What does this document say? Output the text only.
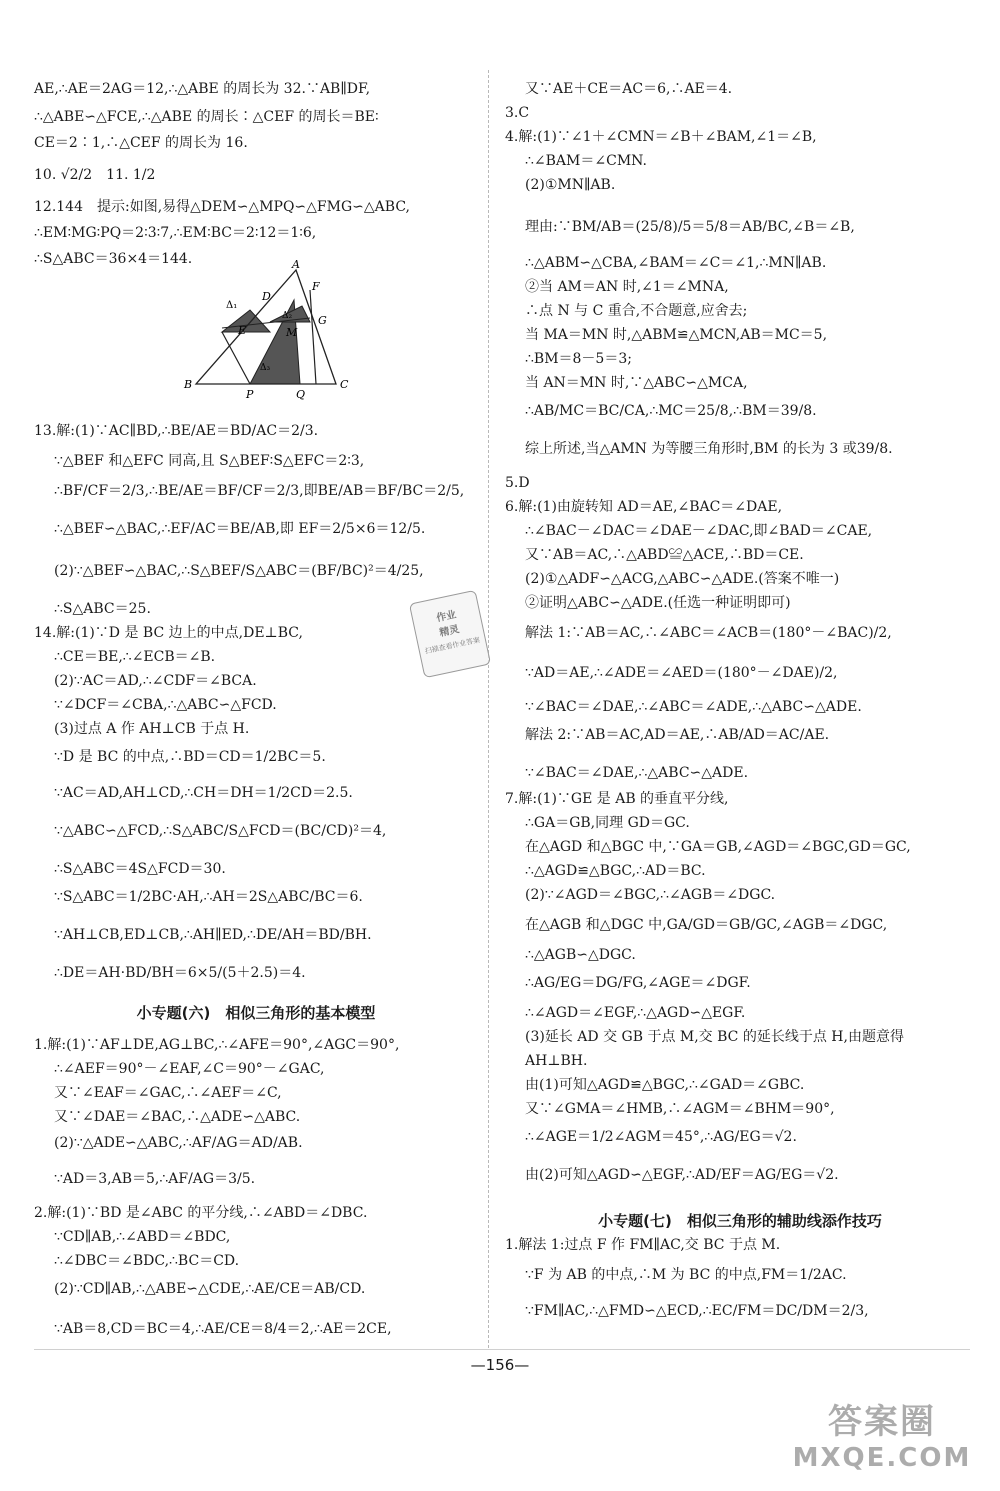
A
F
D
Δ₁
Δ₂
E	M
G
Δ₃
B
P	Q
C
小专题(六)　相似三角形的基本模型
AE,∴AE＝2AG＝12,∴△ABE 的周长为 32.∵AB∥DF,
∴△ABE∽△FCE,∴△ABE 的周长∶△CEF 的周长＝BE∶
CE＝2∶1,∴△CEF 的周长为 16.
10. √2/2　11. 1/2
12.144　提示:如图,易得△DEM∽△MPQ∽△FMG∽△ABC,
∴EM∶MG∶PQ＝2∶3∶7,∴EM∶BC＝2∶12＝1∶6,
∴S△ABC＝36×4＝144.
13.解:(1)∵AC∥BD,∴BE/AE＝BD/AC＝2/3.
∵△BEF 和△EFC 同高,且 S△BEF∶S△EFC＝2∶3,
∴BF/CF＝2/3,∴BE/AE＝BF/CF＝2/3,即BE/AB＝BF/BC＝2/5,
∴△BEF∽△BAC,∴EF/AC＝BE/AB,即 EF＝2/5×6＝12/5.
(2)∵△BEF∽△BAC,∴S△BEF/S△ABC＝(BF/BC)²＝4/25,
∴S△ABC＝25.
14.解:(1)∵D 是 BC 边上的中点,DE⊥BC,
∴CE＝BE,∴∠ECB＝∠B.
(2)∵AC＝AD,∴∠CDF＝∠BCA.
∵∠DCF＝∠CBA,∴△ABC∽△FCD.
(3)过点 A 作 AH⊥CB 于点 H.
∵D 是 BC 的中点,∴BD＝CD＝1/2BC＝5.
∵AC＝AD,AH⊥CD,∴CH＝DH＝1/2CD＝2.5.
∵△ABC∽△FCD,∴S△ABC/S△FCD＝(BC/CD)²＝4,
∴S△ABC＝4S△FCD＝30.
∵S△ABC＝1/2BC·AH,∴AH＝2S△ABC/BC＝6.
∵AH⊥CB,ED⊥CB,∴AH∥ED,∴DE/AH＝BD/BH.
∴DE＝AH·BD/BH＝6×5/(5＋2.5)＝4.
1.解:(1)∵AF⊥DE,AG⊥BC,∴∠AFE＝90°,∠AGC＝90°,
∴∠AEF＝90°－∠EAF,∠C＝90°－∠GAC,
又∵∠EAF＝∠GAC,∴∠AEF＝∠C,
又∵∠DAE＝∠BAC,∴△ADE∽△ABC.
(2)∵△ADE∽△ABC,∴AF/AG＝AD/AB.
∵AD＝3,AB＝5,∴AF/AG＝3/5.
2.解:(1)∵BD 是∠ABC 的平分线,∴∠ABD＝∠DBC.
∵CD∥AB,∴∠ABD＝∠BDC,
∴∠DBC＝∠BDC,∴BC＝CD.
(2)∵CD∥AB,∴△ABE∽△CDE,∴AE/CE＝AB/CD.
∵AB＝8,CD＝BC＝4,∴AE/CE＝8/4＝2,∴AE＝2CE,
小专题(七)　相似三角形的辅助线添作技巧
又∵AE＋CE＝AC＝6,∴AE＝4.
3.C
4.解:(1)∵∠1＋∠CMN＝∠B＋∠BAM,∠1＝∠B,
∴∠BAM＝∠CMN.
(2)①MN∥AB.
理由:∵BM/AB＝(25/8)/5＝5/8＝AB/BC,∠B＝∠B,
∴△ABM∽△CBA,∠BAM＝∠C＝∠1,∴MN∥AB.
②当 AM＝AN 时,∠1＝∠MNA,
∴点 N 与 C 重合,不合题意,应舍去;
当 MA＝MN 时,△ABM≌△MCN,AB＝MC＝5,
∴BM＝8－5＝3;
当 AN＝MN 时,∵△ABC∽△MCA,
∴AB/MC＝BC/CA,∴MC＝25/8,∴BM＝39/8.
综上所述,当△AMN 为等腰三角形时,BM 的长为 3 或39/8.
5.D
6.解:(1)由旋转知 AD＝AE,∠BAC＝∠DAE,
∴∠BAC－∠DAC＝∠DAE－∠DAC,即∠BAD＝∠CAE,
又∵AB＝AC,∴△ABD≌△ACE,∴BD＝CE.
(2)①△ADF∽△ACG,△ABC∽△ADE.(答案不唯一)
②证明△ABC∽△ADE.(任选一种证明即可)
解法 1:∵AB＝AC,∴∠ABC＝∠ACB＝(180°－∠BAC)/2,
∵AD＝AE,∴∠ADE＝∠AED＝(180°－∠DAE)/2,
∵∠BAC＝∠DAE,∴∠ABC＝∠ADE,∴△ABC∽△ADE.
解法 2:∵AB＝AC,AD＝AE,∴AB/AD＝AC/AE.
∵∠BAC＝∠DAE,∴△ABC∽△ADE.
7.解:(1)∵GE 是 AB 的垂直平分线,
∴GA＝GB,同理 GD＝GC.
在△AGD 和△BGC 中,∵GA＝GB,∠AGD＝∠BGC,GD＝GC,
∴△AGD≌△BGC,∴AD＝BC.
(2)∵∠AGD＝∠BGC,∴∠AGB＝∠DGC.
在△AGB 和△DGC 中,GA/GD＝GB/GC,∠AGB＝∠DGC,
∴△AGB∽△DGC.
∴AG/EG＝DG/FG,∠AGE＝∠DGF.
∴∠AGD＝∠EGF,∴△AGD∽△EGF.
(3)延长 AD 交 GB 于点 M,交 BC 的延长线于点 H,由题意得
AH⊥BH.
由(1)可知△AGD≌△BGC,∴∠GAD＝∠GBC.
又∵∠GMA＝∠HMB,∴∠AGM＝∠BHM＝90°,
∴∠AGE＝1/2∠AGM＝45°,∴AG/EG＝√2.
由(2)可知△AGD∽△EGF,∴AD/EF＝AG/EG＝√2.
1.解法 1:过点 F 作 FM∥AC,交 BC 于点 M.
∵F 为 AB 的中点,∴M 为 BC 的中点,FM＝1/2AC.
∵FM∥AC,∴△FMD∽△ECD,∴EC/FM＝DC/DM＝2/3,
作业
精灵
扫描查看作业答案
—156—
答案圈
MXQE.COM
